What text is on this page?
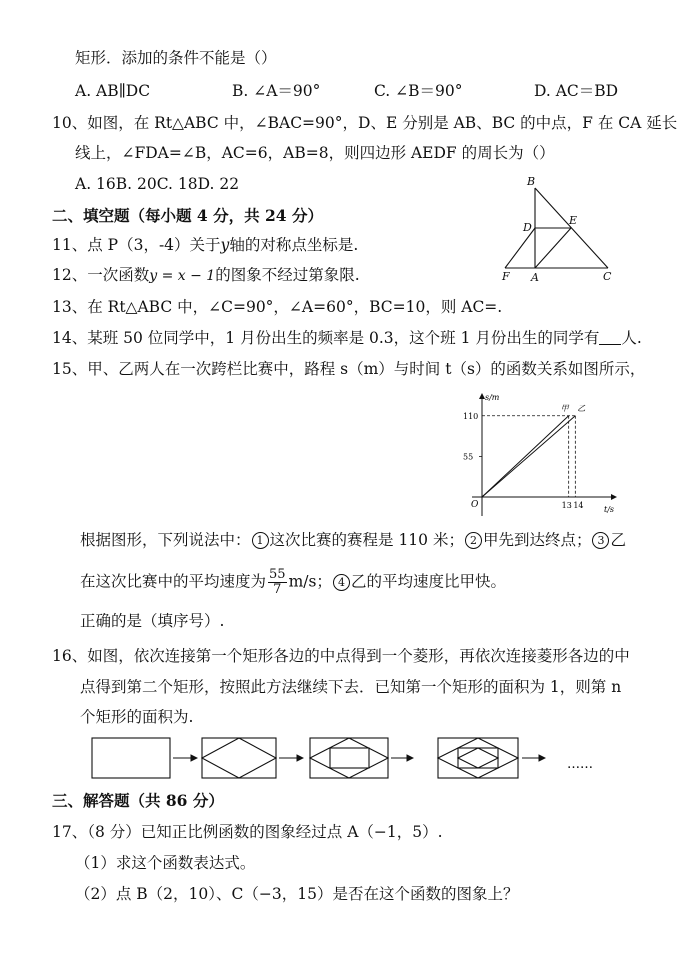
矩形．添加的条件不能是（）
A. AB∥DC	B. ∠A＝90°	C. ∠B＝90°	D. AC＝BD
10、如图，在 Rt△ABC 中，∠BAC=90°，D、E 分别是 AB、BC 的中点，F 在 CA 延长
线上，∠FDA=∠B，AC=6，AB=8，则四边形 AEDF 的周长为（）
A. 16B. 20C. 18D. 22	B
D
E
F A	C
二、填空题（每小题 4 分，共 24 分）
11、点 P（3，-4）关于y轴的对称点坐标是.
12、一次函数y = x − 1的图象不经过第象限.
13、在 Rt△ABC 中，∠C=90°，∠A=60°，BC=10，则 AC=.
14、某班 50 位同学中，1 月份出生的频率是 0.3，这个班 1 月份出生的同学有 人.
15、甲、乙两人在一次跨栏比赛中，路程 s（m）与时间 t（s）的函数关系如图所示，
s/m
t/s
O
110
55
甲
13
乙
14
根据图形，下列说法中： 1 这次比赛的赛程是 110 米； 2 甲先到达终点； 3 乙
在这次比赛中的平均速度为 $\frac{55}{7} m/s$； 4 乙的平均速度比甲快。
正确的是（填序号）.
16、如图，依次连接第一个矩形各边的中点得到一个菱形，再依次连接菱形各边的中
点得到第二个矩形，按照此方法继续下去．已知第一个矩形的面积为 1，则第 n
个矩形的面积为.
……
三、解答题（共 86 分）
17、（8 分）已知正比例函数的图象经过点 A（−1，5）.
（1）求这个函数表达式。
（2）点 B（2，10）、C（−3，15）是否在这个函数的图象上？
